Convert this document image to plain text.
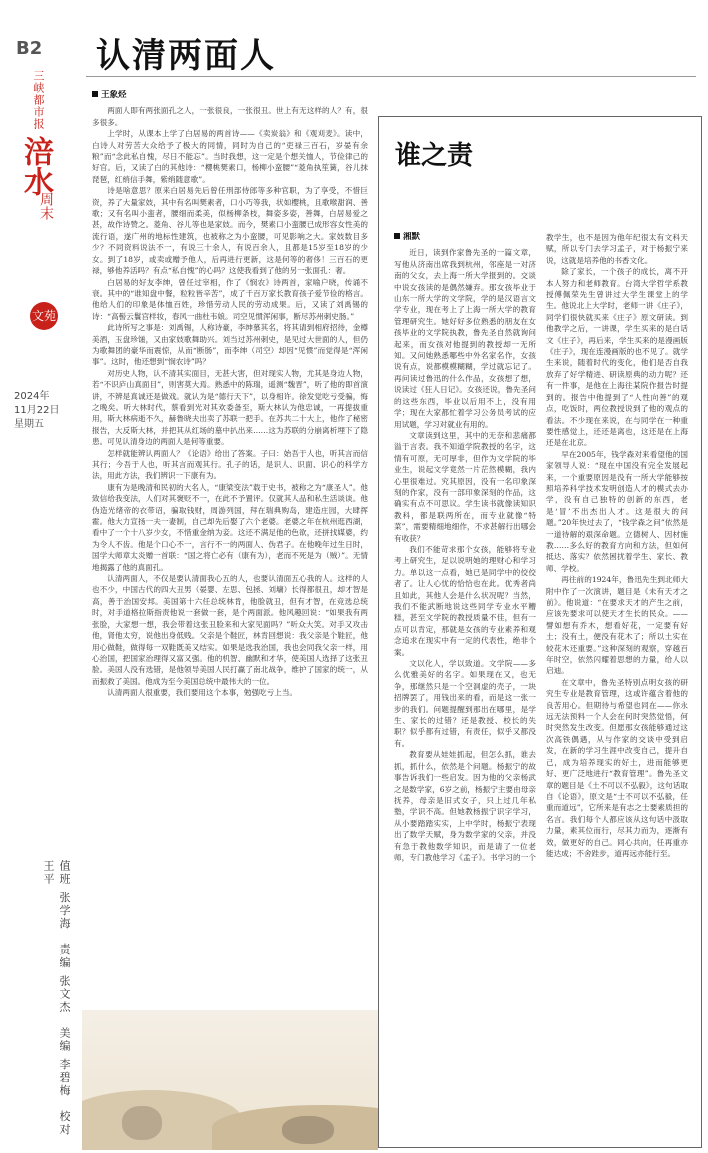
B2
三峡都市报
涪水
周末
文苑
2024年
11月22日
星期五
值班 张学海　责编 张文杰　美编 李碧梅　校对 王平
认清两面人
王象烃

两面人即有两张面孔之人，一张很良，一张很丑。世上有无这样的人？有，很多很多。

上学时，从课本上学了白居易的两首诗——《卖炭翁》和《观刈麦》。读中，白诗人对劳苦大众给予了极大的同情，同时为自己的“吏禄三百石，岁晏有余粮”而“念此私自愧，尽日不能忘”。当时我想，这一定是个想关恤人，节俭律己的好官。后，又读了白的其他诗：“櫻桃樊素口，杨柳小蛮腰”“菱角执笙簧，谷儿抹琵琶，红绡信手舞，紫绡随意歌”。

诗是啥意思？原来白居易先后曾任刑部侍郎等多种官职，为了享受，不惜巨资，养了大量家妓，其中有名叫樊素者，口小巧等我，状如樱桃，且歌喉甜润、善歌；又有名叫小蛮者，腰细而柔美，似杨柳条枝，舞姿多姿，善舞，白居易爱之甚，故作诗赞之。菱角、谷儿等也是家妓。而今，樊素口小蛮腰已成形容女性美的流行语，遂广州的地标性建筑，也被称之为小蛮腰，可见影响之大。家妓数目多少？不同资料说法不一，有说三十余人，有说百余人，且都是15岁至18岁的少女。到了18岁，或卖或赠予他人，后再进行更新，这是何等的奢侈！三百石的更禄，够他养活吗？有点“私自愧”的心吗？这使我看到了他的另一张面孔：奢。

白居易的好友李绅，曾任过宰相，作了《悯农》诗两首，家喻户晓，传诵不衰。其中的“谁知盘中餐，粒粒皆辛苦”，成了千百万家长教育孩子爱节俭的格言。他给人们的印象是体恤百姓，珍惜劳动人民的劳动成果。后，又读了刘禹锡的诗：“高髻云鬟宫样妆，春风一曲杜韦娘。司空见惯浑闲事，断尽苏州刺史肠。”

此诗所写之事是：刘禹锡，人称诗豪，李绅慕其名，将其请到相府招待，金樽美酒，玉盘珍馐，又由家妓歌舞助兴。刘当过苏州刺史，是见过大世面的人，但仍为歌舞团的豪华而震惊，从而“断肠”，而李绅（司空）却因“见惯”而觉得是“浑闲事”。这时，他还想到“悯农诗”吗？

对历史人物，认不清其实面目，无甚大害，但对现实人物，尤其是身边人物，若“不识庐山真面目”，则害莫大焉。熟悉中的陈瑞，遥测“魏晋”，听了他的即首演讲，不辨是真诚还是做戏。就认为是“德行天下”，以身相许。徐发觉吃亏受骗，悔之晚矣。听大林时代，蔡看到光对其欢委备至，斯大林认为他忠诚，一再提拔重用，斯大林病逝不久，赫鲁晓夫出卖了苏联一把手。在苏共二十大上，他作了秘密报告，大反斯大林，并把其从红场的墓中扒出来……这为苏联的分崩离析埋下了隐患。可见认清身边的两面人是何等重要。

怎样就能辨认两面人？《论语》给出了答案。子曰：始吾于人也，听其言而信其行；今吾于人也，听其言而观其行。孔子的话，是识人、识面、识心的科学方法，用此方法，我们辨识一下康有为。

康有为是晚清和民初的大名人，“康梁变法”载于史书，被称之为“康圣人”。他致信给我变法，人们对其褒贬不一，在此不予置评。仅就其人品和私生活谈谈。他伪造光绪帝的衣带诏，骗取钱财，周游列国，拜在瑞典购岛，建造庄园，大肆挥霍。他大力宣扬一夫一妻制，自己却先后娶了六个老婆。老婆之年在杭州逛西湖，看中了一个十八岁少女，不惜重金纳为妾。这还不满足他的色欲，还拼找媒婆，约为令人不齿。他是个口心不一，言行不一的两面人、伪君子。在他晚年过生日时，国学大师章太炎赠一首联：“国之将亡必有（康有为），老而不死是为（贼）”。无情地揭露了他的真面孔。

认清两面人，不仅是要认清面我心五的人，也要认清面五心我的人。这样的人也不少，中国古代的四大丑男（晏婴、左思、包拯、刘墉）长得都很丑，却才智是高，善于治国安邦。美国第十六任总统林肯，他脸就丑，但有才智，在竞选总统时，对手道格拉斯指责他说一套做一套，是个两面派。他风趣回说：“如果我有两张脸，大家想一想，我会带着这张丑脸来和大家见面吗？”听众大笑。对手又攻击他，肾他太穷，说他出身低贱。父亲是个鞋匠，林肯回想说：我父亲是个鞋匠，他用心做鞋，做得每一双鞋既美又结实。如果是选我治国，我也会同我父亲一样，用心治国，把国家治理得又富又强。他的机智、幽默和才华，使美国人选择了这张丑脸。美国人没有选错，是他领导美国人民打赢了南北战争，维护了国家的统一，从而振救了美国。他成为至今美国总统中最伟大的一位。

认清两面人很重要，我们要用这个本事，勉强吃亏上当。

谁之责
湘默

近日，读到作家鲁先圣的一篇文章，写他从济南出席我到杭州，邻座是一对济南的父女，去上海一所大学报到的。交谈中说女孩读的是偶然嫌弃。那女孩毕业于山东一所大学的文学院，学的是汉语言文学专业，现在考上了上海一所大学的教育管理研究生。她好好多位熟悉的朋友在女孩毕业的文学院执教，鲁先圣自然就询问起来，而女孩对他提到的教授却一无所知。又问她熟悉哪些中外名家名作，女孩说有点，说都模模糊糊，学过就忘记了。再问读过鲁迅的什么作品，女孩想了想，说读过《狂人日记》。女孩还说，鲁先圣问的这些东西，毕业以后用不上，没有用学；现在大家都忙着学习公务员考试的应用试题，学习对就业有用的。

文章读到这里，其中的无奈和悲痛都溢于言表。我不知道学院教授的名字，这情有可原，无可厚非，但作为文学院的毕业生，说起文学竟然一片茫然模糊，我内心里很难过。究其原因，没有一名印象深刻的作家，没有一部印象深刻的作品，这确实有点不可思议。学生读书就像读知识教科，都是联两所在，而专业就像“特菜”，需要精细地细作，不求甚解行出哪会有收获？

我们不能苛求那个女孩，能够将专业考上研究生，足以说明她的理财心和学习力。单以这一点看，她已是同学中的佼佼者了。让人心忧的恰恰也在此。优秀者尚且如此，其他人会是什么状况呢？当然，我们不能武断地说这些同学专业水平糟糕，甚至文学院的教授质量不佳，但有一点可以肯定，那就是女孩的专业素养和观念追求在现实中有一定的代表性，绝非个案。

文以化人，学以致道。文学院——多么优雅美好的名字。如果现在又，也无争，那继然只是一个空洞虚的壳子，一块招牌罢了，用钱出来的看，而是这一张一步的我们。问题提醒到那出在哪里，是学生、家长的过错？还是教授、校长的失职？似乎都有过错，有责任，似乎又都没有。

教育要从娃娃抓起，但怎么抓，谁去抓，抓什么，依然是个问题。杨振宁的故事告诉我们一些启发。因为他的父亲杨武之是数学家，6岁之前，杨振宁主要由母亲抚养，母亲是旧式女子，只上过几年私塾，学识不高。但她教杨振宁识字学习，从小要踏踏实实，上中学时，杨振宁表现出了数学天赋，身为数学家的父亲，并没有急于教他数学知识，而是请了一位老师，专门教他学习《孟子》。书学习的一个教学生，也不是因为他年纪很太有文科天赋，所以专门去学习孟子，对于杨振宁来说，这就是培养他的书香文化。

除了家长，一个孩子的成长，离不开本人努力和老师教育。台湾大学哲学系教授傅佩荣先生曾讲过大学生课堂上的学生。他说北上大学时，老师一讲《庄子》，同学们很快就买来《庄子》原文研读。到他教学之后，一讲课，学生买来的是白话文《庄子》，再后来，学生买来的是漫画版《庄子》，现在连漫画版的也不见了。就学生来说，随着时代的变化，他们是否自我放弃了好学精进、研读原典的动力呢？还有一件事，是他在上海往某院作报告时提到的。报告中他提到了“人性向善”的观点，吃饭时，两位教授说到了他的观点的看法。不少现在来说，在与同学在一种重要性感觉上，还还是离也，这还是在上海还是在北京。

早在2005年，钱学森对来看望他的国家领导人说：“现在中国没有完全发展起来，一个重要原因是没有一所大学能够按照培养科学技术发明创造人才的模式去办学，没有自己独特的创新的东西，老是‘冒’不出杰出人才。这是很大的问题。”20年快过去了，“钱学森之问”依然是一道待解的艰深命题。立德树人、因材施教……多么好的教育方向和方法，但如何抵达、落实？依然困扰着学生、家长、教师、学校。

再往前的1924年，鲁迅先生到北师大附中作了一次演讲，题目是《未有天才之前》。他说道：“在要求天才的产生之前，应该先要求可以使天才生长的民众。——譬如想有乔木，想看好花，一定要有好土；没有土，便没有花木了；所以土实在较花木还重要。”这种深刻的观察，穿越百年时空，依然闪耀着思想的力量，给人以启迪。

在文章中，鲁先圣特别点明女孩的研究生专业是教育管理，这或许蕴含着他的良苦用心。但期待与希望也同在——你永远无法预料一个人会在何时突然觉悟，何时突然发生改变。但愿那女孩能够通过这次高铁偶遇，从与作家的交谈中受到启发，在新的学习生涯中改变自己，提升自己，成为培养现实的好土，进而能够更好、更广泛地进行“教育管理”。鲁先圣文章的题目是《土不可以不弘毅》，这句话取自《论语》，原文是“士不可以不弘毅，任重而道远”，它所来是有志之士要素质担的名言。我们每个人都应该从这句话中汲取力量，素其位而行，尽其力而为，逐渐有效，做更好的自己。同心共向，任再重亦能达成；不舍跬步，道再远亦能行至。
